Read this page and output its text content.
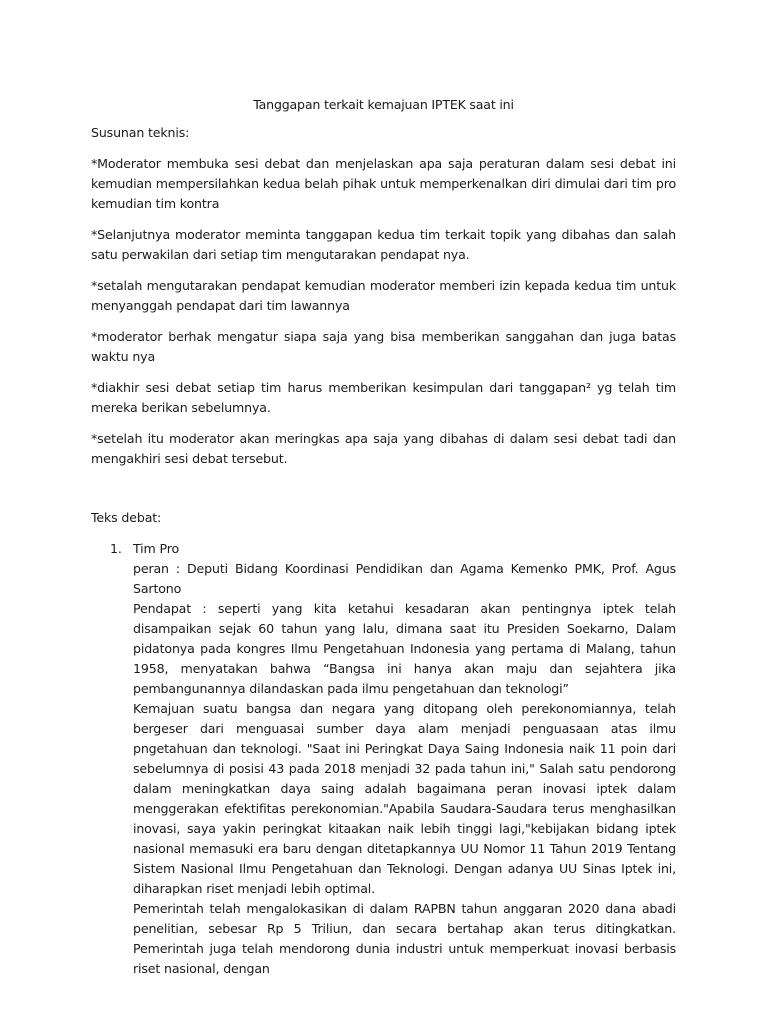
Tanggapan terkait kemajuan IPTEK saat ini

Susunan teknis:

*Moderator membuka sesi debat dan menjelaskan apa saja peraturan dalam sesi debat ini kemudian mempersilahkan kedua belah pihak untuk memperkenalkan diri dimulai dari tim pro kemudian tim kontra

*Selanjutnya moderator meminta tanggapan kedua tim terkait topik yang dibahas dan salah satu perwakilan dari setiap tim mengutarakan pendapat nya.

*setalah mengutarakan pendapat kemudian moderator memberi izin kepada kedua tim untuk menyanggah pendapat dari tim lawannya

*moderator berhak mengatur siapa saja yang bisa memberikan sanggahan dan juga batas waktu nya

*diakhir sesi debat setiap tim harus memberikan kesimpulan dari tanggapan² yg telah tim mereka berikan sebelumnya.

*setelah itu moderator akan meringkas apa saja yang dibahas di dalam sesi debat tadi dan mengakhiri sesi debat tersebut.

Teks debat:

1. Tim Pro

peran : Deputi Bidang Koordinasi Pendidikan dan Agama Kemenko PMK, Prof. Agus Sartono

Pendapat : seperti yang kita ketahui kesadaran akan pentingnya iptek telah disampaikan sejak 60 tahun yang lalu, dimana saat itu Presiden Soekarno, Dalam pidatonya pada kongres Ilmu Pengetahuan Indonesia yang pertama di Malang, tahun 1958, menyatakan bahwa “Bangsa ini hanya akan maju dan sejahtera jika pembangunannya dilandaskan pada ilmu pengetahuan dan teknologi”

Kemajuan suatu bangsa dan negara yang ditopang oleh perekonomiannya, telah bergeser dari menguasai sumber daya alam menjadi penguasaan atas ilmu pngetahuan dan teknologi. "Saat ini Peringkat Daya Saing Indonesia naik 11 poin dari sebelumnya di posisi 43 pada 2018 menjadi 32 pada tahun ini," Salah satu pendorong dalam meningkatkan daya saing adalah bagaimana peran inovasi iptek dalam menggerakan efektifitas perekonomian."Apabila Saudara-Saudara terus menghasilkan inovasi, saya yakin peringkat kitaakan naik lebih tinggi lagi,"kebijakan bidang iptek nasional memasuki era baru dengan ditetapkannya UU Nomor 11 Tahun 2019 Tentang Sistem Nasional Ilmu Pengetahuan dan Teknologi. Dengan adanya UU Sinas Iptek ini, diharapkan riset menjadi lebih optimal.

Pemerintah telah mengalokasikan di dalam RAPBN tahun anggaran 2020 dana abadi penelitian, sebesar Rp 5 Triliun, dan secara bertahap akan terus ditingkatkan. Pemerintah juga telah mendorong dunia industri untuk memperkuat inovasi berbasis riset nasional, dengan
